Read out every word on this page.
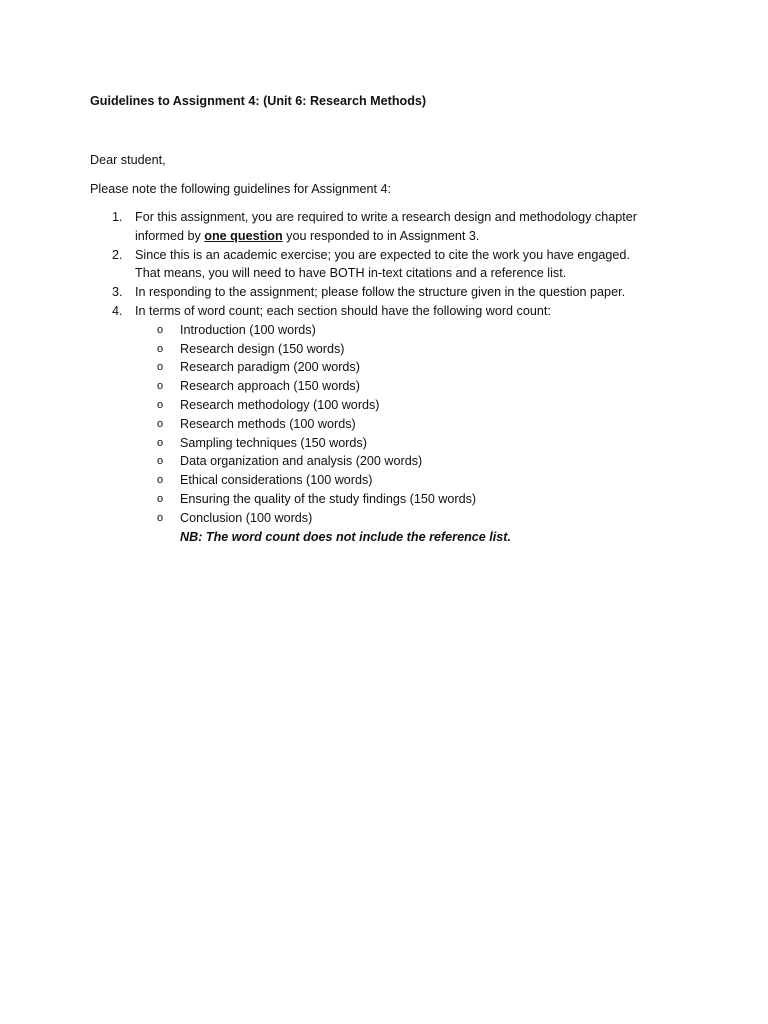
Guidelines to Assignment 4: (Unit 6: Research Methods)
Dear student,
Please note the following guidelines for Assignment 4:
1. For this assignment, you are required to write a research design and methodology chapter
informed by one question you responded to in Assignment 3.
2. Since this is an academic exercise; you are expected to cite the work you have engaged.
That means, you will need to have BOTH in-text citations and a reference list.
3. In responding to the assignment; please follow the structure given in the question paper.
4. In terms of word count; each section should have the following word count:
o Introduction (100 words)
o Research design (150 words)
o Research paradigm (200 words)
o Research approach (150 words)
o Research methodology (100 words)
o Research methods (100 words)
o Sampling techniques (150 words)
o Data organization and analysis (200 words)
o Ethical considerations (100 words)
o Ensuring the quality of the study findings (150 words)
o Conclusion (100 words)
NB: The word count does not include the reference list.
